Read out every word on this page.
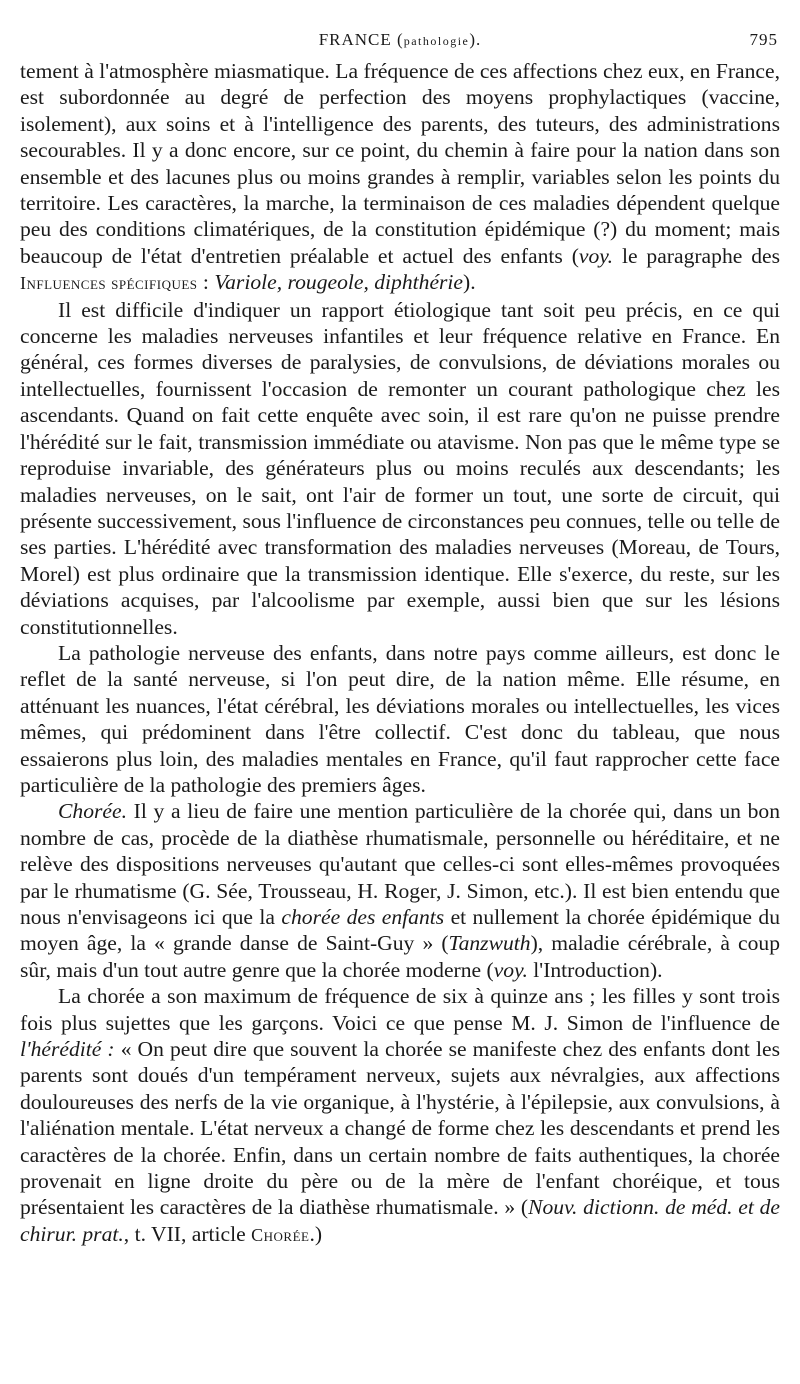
FRANCE (pathologie).	795

tement à l'atmosphère miasmatique. La fréquence de ces affections chez eux, en France, est subordonnée au degré de perfection des moyens prophylactiques (vaccine, isolement), aux soins et à l'intelligence des parents, des tuteurs, des administrations secourables. Il y a donc encore, sur ce point, du chemin à faire pour la nation dans son ensemble et des lacunes plus ou moins grandes à remplir, variables selon les points du territoire. Les caractères, la marche, la terminaison de ces maladies dépendent quelque peu des conditions climatériques, de la constitution épidémique (?) du moment; mais beaucoup de l'état d'entretien préalable et actuel des enfants (voy. le paragraphe des Influences spécifiques : Variole, rougeole, diphthérie).

Il est difficile d'indiquer un rapport étiologique tant soit peu précis, en ce qui concerne les maladies nerveuses infantiles et leur fréquence relative en France. En général, ces formes diverses de paralysies, de convulsions, de déviations morales ou intellectuelles, fournissent l'occasion de remonter un courant pathologique chez les ascendants. Quand on fait cette enquête avec soin, il est rare qu'on ne puisse prendre l'hérédité sur le fait, transmission immédiate ou atavisme. Non pas que le même type se reproduise invariable, des générateurs plus ou moins reculés aux descendants; les maladies nerveuses, on le sait, ont l'air de former un tout, une sorte de circuit, qui présente successivement, sous l'influence de circonstances peu connues, telle ou telle de ses parties. L'hérédité avec transformation des maladies nerveuses (Moreau, de Tours, Morel) est plus ordinaire que la transmission identique. Elle s'exerce, du reste, sur les déviations acquises, par l'alcoolisme par exemple, aussi bien que sur les lésions constitutionnelles.

La pathologie nerveuse des enfants, dans notre pays comme ailleurs, est donc le reflet de la santé nerveuse, si l'on peut dire, de la nation même. Elle résume, en atténuant les nuances, l'état cérébral, les déviations morales ou intellectuelles, les vices mêmes, qui prédominent dans l'être collectif. C'est donc du tableau, que nous essaierons plus loin, des maladies mentales en France, qu'il faut rapprocher cette face particulière de la pathologie des premiers âges.

Chorée. Il y a lieu de faire une mention particulière de la chorée qui, dans un bon nombre de cas, procède de la diathèse rhumatismale, personnelle ou héréditaire, et ne relève des dispositions nerveuses qu'autant que celles-ci sont elles-mêmes provoquées par le rhumatisme (G. Sée, Trousseau, H. Roger, J. Simon, etc.). Il est bien entendu que nous n'envisageons ici que la chorée des enfants et nullement la chorée épidémique du moyen âge, la « grande danse de Saint-Guy » (Tanzwuth), maladie cérébrale, à coup sûr, mais d'un tout autre genre que la chorée moderne (voy. l'Introduction).

La chorée a son maximum de fréquence de six à quinze ans ; les filles y sont trois fois plus sujettes que les garçons. Voici ce que pense M. J. Simon de l'influence de l'hérédité : « On peut dire que souvent la chorée se manifeste chez des enfants dont les parents sont doués d'un tempérament nerveux, sujets aux névralgies, aux affections douloureuses des nerfs de la vie organique, à l'hystérie, à l'épilepsie, aux convulsions, à l'aliénation mentale. L'état nerveux a changé de forme chez les descendants et prend les caractères de la chorée. Enfin, dans un certain nombre de faits authentiques, la chorée provenait en ligne droite du père ou de la mère de l'enfant choréique, et tous présentaient les caractères de la diathèse rhumatismale. » (Nouv. dictionn. de méd. et de chirur. prat., t. VII, article Chorée.)
